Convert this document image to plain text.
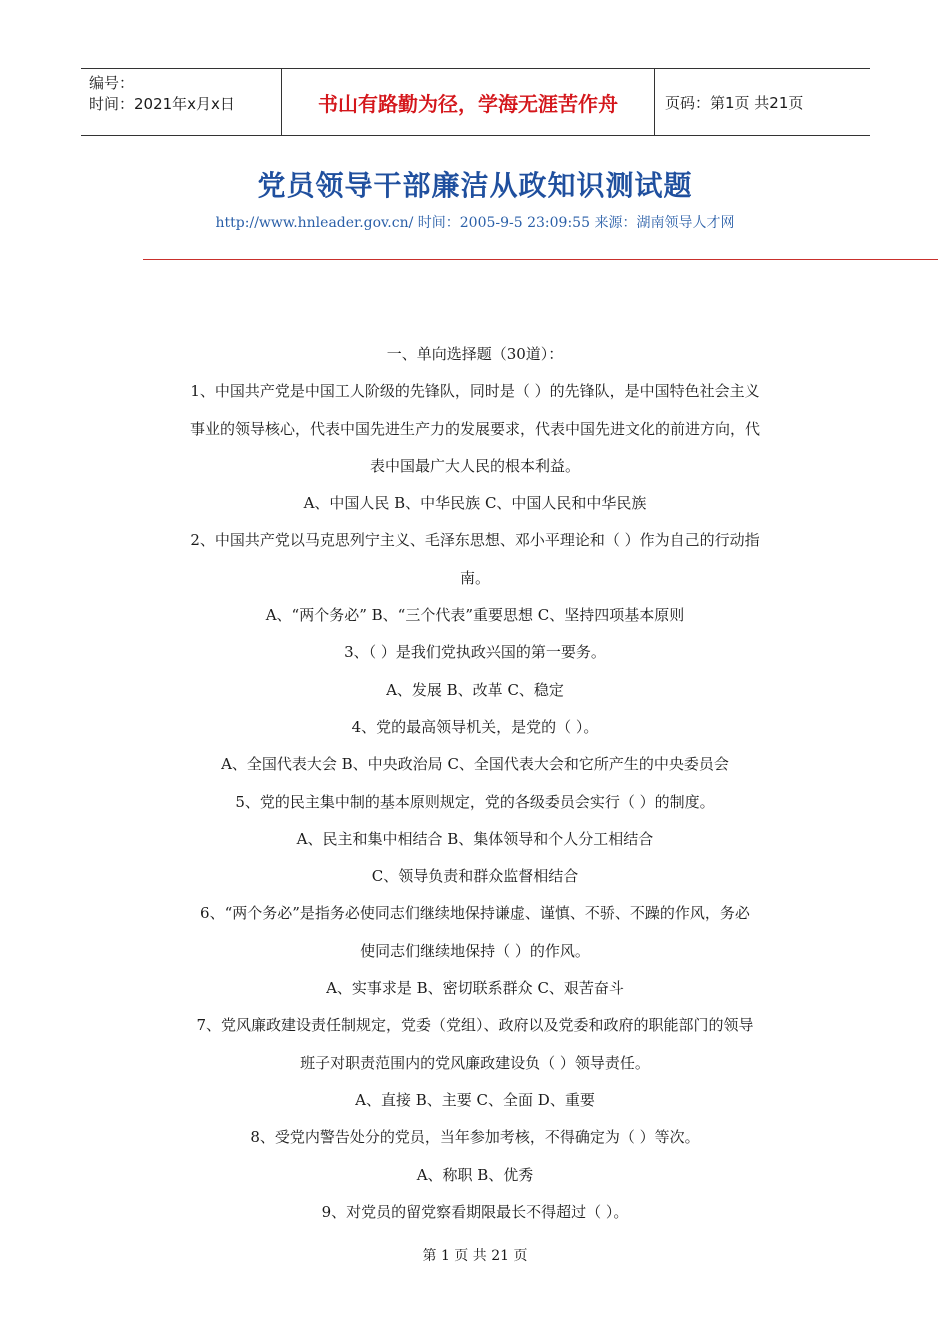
编号：
时间：2021年x月x日	书山有路勤为径，学海无涯苦作舟	页码：第1页 共21页
党员领导干部廉洁从政知识测试题
http://www.hnleader.gov.cn/ 时间：2005-9-5 23:09:55 来源：湖南领导人才网

一、单向选择题（30道）：

1、中国共产党是中国工人阶级的先锋队，同时是（ ）的先锋队，是中国特色社会主义

事业的领导核心，代表中国先进生产力的发展要求，代表中国先进文化的前进方向，代

表中国最广大人民的根本利益。

A、中国人民 B、中华民族 C、中国人民和中华民族

2、中国共产党以马克思列宁主义、毛泽东思想、邓小平理论和（ ）作为自己的行动指

南。

A、“两个务必” B、“三个代表”重要思想 C、坚持四项基本原则

3、（ ）是我们党执政兴国的第一要务。

A、发展 B、改革 C、稳定

4、党的最高领导机关，是党的（ ）。

A、全国代表大会 B、中央政治局 C、全国代表大会和它所产生的中央委员会

5、党的民主集中制的基本原则规定，党的各级委员会实行（ ）的制度。

A、民主和集中相结合 B、集体领导和个人分工相结合

C、领导负责和群众监督相结合

6、“两个务必”是指务必使同志们继续地保持谦虚、谨慎、不骄、不躁的作风，务必

使同志们继续地保持（ ）的作风。

A、实事求是 B、密切联系群众 C、艰苦奋斗

7、党风廉政建设责任制规定，党委（党组）、政府以及党委和政府的职能部门的领导

班子对职责范围内的党风廉政建设负（ ）领导责任。

A、直接 B、主要 C、全面 D、重要

8、受党内警告处分的党员，当年参加考核，不得确定为（ ）等次。

A、称职 B、优秀

9、对党员的留党察看期限最长不得超过（ ）。

第 1 页 共 21 页
